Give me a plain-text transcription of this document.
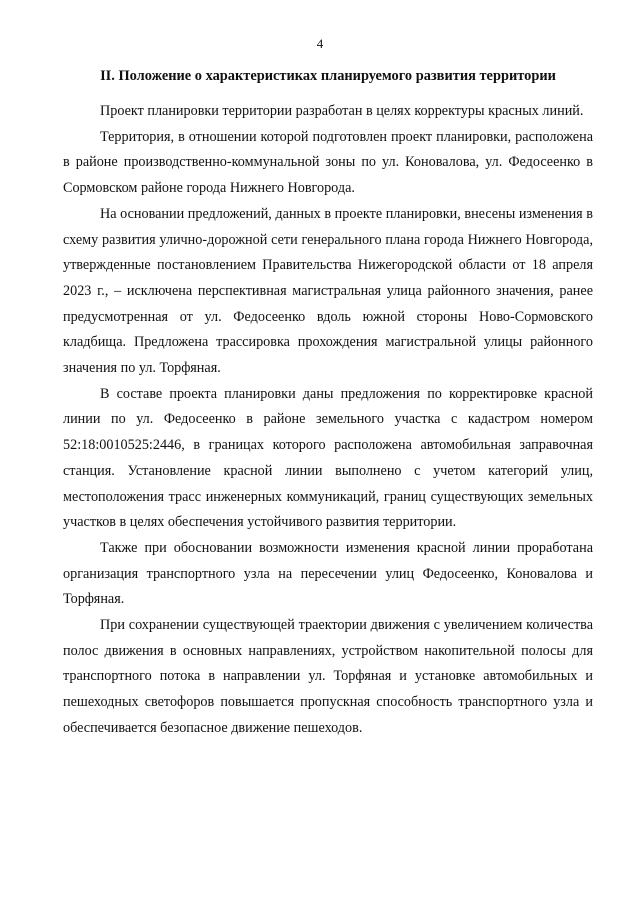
4
II. Положение о характеристиках планируемого развития территории

Проект планировки территории разработан в целях корректуры красных линий.

Территория, в отношении которой подготовлен проект планировки, расположена в районе производственно-коммунальной зоны по ул. Коновалова, ул. Федосеенко в Сормовском районе города Нижнего Новгорода.

На основании предложений, данных в проекте планировки, внесены изменения в схему развития улично-дорожной сети генерального плана города Нижнего Новгорода, утвержденные постановлением Правительства Нижегородской области от 18 апреля 2023 г., – исключена перспективная магистральная улица районного значения, ранее предусмотренная от ул. Федосеенко вдоль южной стороны Ново-Сормовского кладбища. Предложена трассировка прохождения магистральной улицы районного значения по ул. Торфяная.

В составе проекта планировки даны предложения по корректировке красной линии по ул. Федосеенко в районе земельного участка с кадастром номером 52:18:0010525:2446, в границах которого расположена автомобильная заправочная станция. Установление красной линии выполнено с учетом категорий улиц, местоположения трасс инженерных коммуникаций, границ существующих земельных участков в целях обеспечения устойчивого развития территории.

Также при обосновании возможности изменения красной линии проработана организация транспортного узла на пересечении улиц Федосеенко, Коновалова и Торфяная.

При сохранении существующей траектории движения с увеличением количества полос движения в основных направлениях, устройством накопительной полосы для транспортного потока в направлении ул. Торфяная и установке автомобильных и пешеходных светофоров повышается пропускная способность транспортного узла и обеспечивается безопасное движение пешеходов.
